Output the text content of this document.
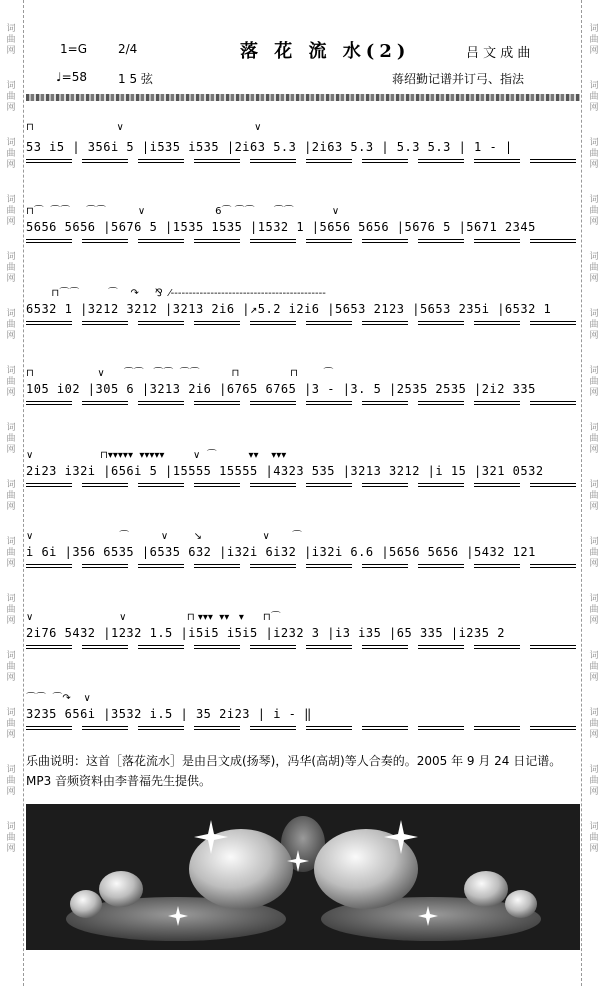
词
曲
网
词
曲
网
词
曲
网
词
曲
网
词
曲
网
词
曲
网
词
曲
网
词
曲
网
词
曲
网
词
曲
网
词
曲
网
词
曲
网
词
曲
网
词
曲
网
词
曲
网
词
曲
网
词
曲
网
词
曲
网
词
曲
网
词
曲
网
词
曲
网
词
曲
网
词
曲
网
词
曲
网
词
曲
网
词
曲
网
词
曲
网
词
曲
网
词
曲
网
词
曲
网
1=G	2/4	落 花 流 水(2)	吕 文 成 曲
♩=58	1 5 弦	蒋绍勤记谱并订弓、指法
⊓                          ∨                                         ∨
53 i5 | 356i 5 |i535 i535 |2i63 5.3 |2i63 5.3 | 5.3 5.3 | 1 - |
⊓⌒  ⌒⌒     ⌒⌒          ∨                      6⌒ ⌒⌒      ⌒⌒            ∨
5656 5656 |5676 5 |1535 1535 |1532 1 |5656 5656 |5676 5 |5671 2345
⊓⌒⌒         ⌒    ↷     ⅋  ⁄-------------------------------------------
6532 1 |3212 3212 |3213 2i6 |↗5.2 i2i6 |5653 2123 |5653 235i |6532 1
⊓                    ∨      ⌒⌒   ⌒⌒  ⌒⌒          ⊓                ⊓        ⌒
105 i02 |305 6 |3213 2i6 |6765 6765 |3 - |3. 5 |2535 2535 |2i2 335
∨                     ⊓▾▾▾▾▾  ▾▾▾▾▾         ∨  ⌒          ▾▾    ▾▾▾
2i23 i32i |656i 5 |15555 15555 |4323 535 |3213 3212 |i 15 |321 0532
∨                           ⌒          ∨        ↘                   ∨       ⌒
i 6i |356 6535 |6535 632 |i32i 6i32 |i32i 6.6 |5656 5656 |5432 121
∨                           ∨                   ⊓ ▾▾▾  ▾▾   ▾      ⊓⌒
2i76 5432 |1232 1.5 |i5i5 i5i5 |i232 3 |i3 i35 |65 335 |i235 2
⌒⌒  ⌒↷    ∨
3235 656i |3532 i.5 | 35 2i23 | i - ‖
乐曲说明：这首［落花流水］是由吕文成(扬琴)，冯华(高胡)等人合奏的。2005 年 9 月 24 日记谱。MP3 音频资料由李普福先生提供。
